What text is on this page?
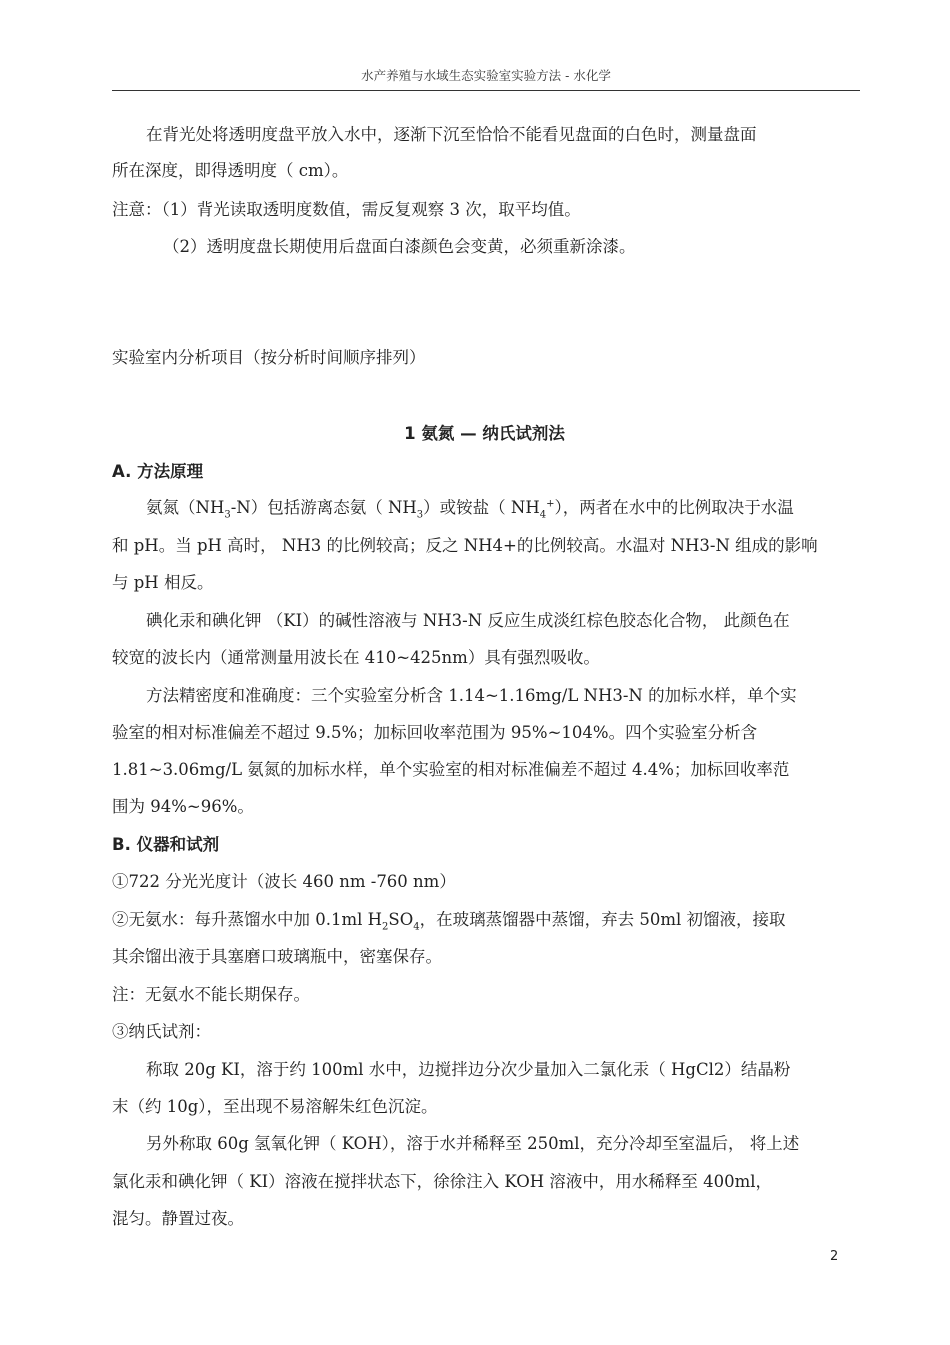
水产养殖与水域生态实验室实验方法 - 水化学
在背光处将透明度盘平放入水中，逐渐下沉至恰恰不能看见盘面的白色时，测量盘面
所在深度，即得透明度（ cm）。
注意：（1）背光读取透明度数值，需反复观察 3 次，取平均值。
（2）透明度盘长期使用后盘面白漆颜色会变黄，必须重新涂漆。
实验室内分析项目（按分析时间顺序排列）
1 氨氮 — 纳氏试剂法
A. 方法原理
氨氮$(NH_3-N)$包括游离态氨（ $NH_3$）或铵盐（ $NH_4^+$），两者在水中的比例取决于水温
和 pH。当 pH 高时， NH3 的比例较高；反之 NH4+的比例较高。水温对 NH3-N 组成的影响
与 pH 相反。
碘化汞和碘化钾 （KI）的碱性溶液与 NH3-N 反应生成淡红棕色胶态化合物， 此颜色在
较宽的波长内（通常测量用波长在 410~425nm）具有强烈吸收。
方法精密度和准确度：三个实验室分析含 1.14~1.16mg/L NH3-N 的加标水样，单个实
验室的相对标准偏差不超过 9.5%；加标回收率范围为 95%~104%。四个实验室分析含
1.81~3.06mg/L 氨氮的加标水样，单个实验室的相对标准偏差不超过 4.4%；加标回收率范
围为 94%~96%。
B. 仪器和试剂
①722 分光光度计（波长 460 nm -760 nm）
②无氨水：每升蒸馏水中加 0.1ml $H_2SO_4$，在玻璃蒸馏器中蒸馏，弃去 50ml 初馏液，接取
其余馏出液于具塞磨口玻璃瓶中，密塞保存。
注：无氨水不能长期保存。
③纳氏试剂：
称取 20g KI，溶于约 100ml 水中，边搅拌边分次少量加入二氯化汞（ HgCl2）结晶粉
末（约 10g），至出现不易溶解朱红色沉淀。
另外称取 60g 氢氧化钾（ KOH），溶于水并稀释至 250ml，充分冷却至室温后， 将上述
氯化汞和碘化钾（ KI）溶液在搅拌状态下，徐徐注入 KOH 溶液中，用水稀释至 400ml，
混匀。静置过夜。
2
